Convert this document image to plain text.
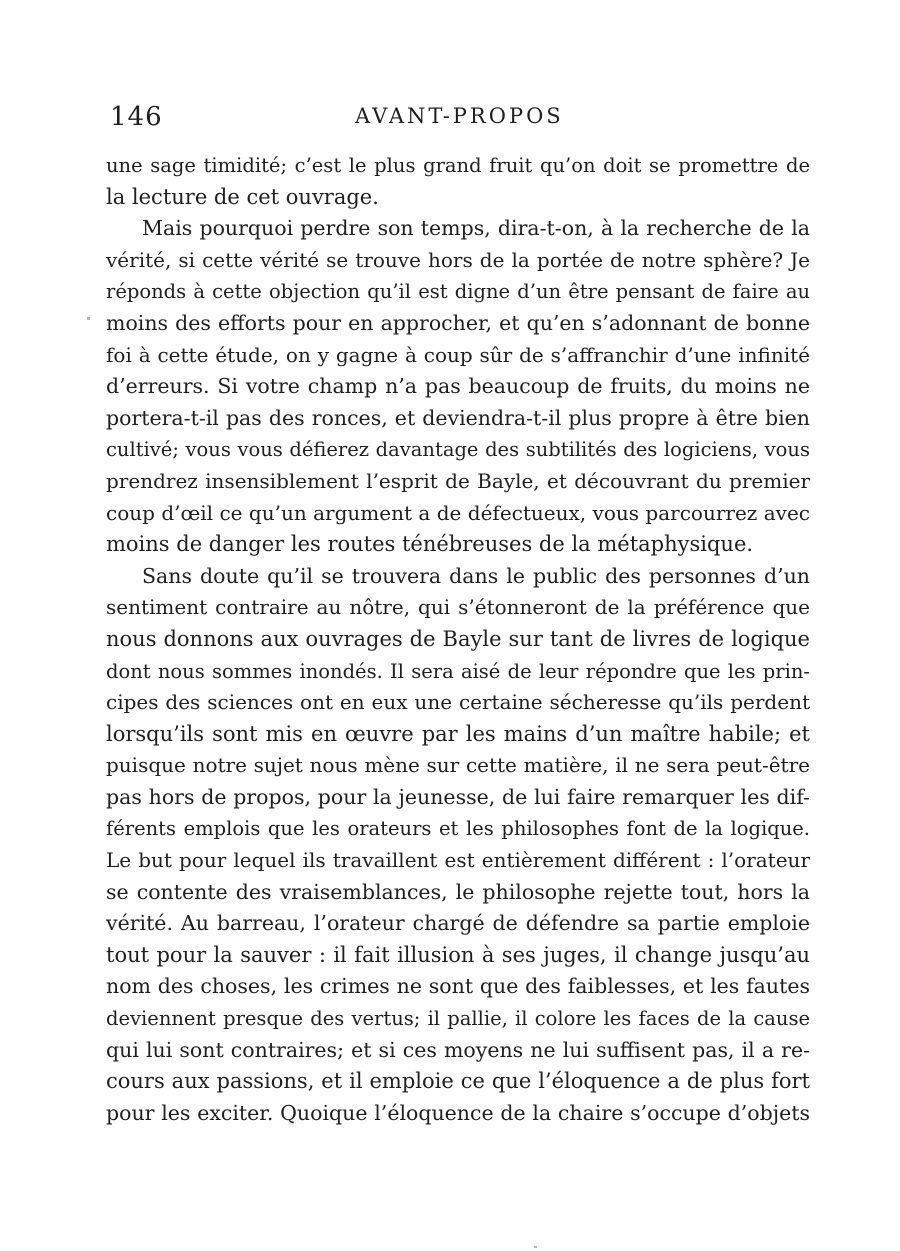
146	AVANT-PROPOS
une sage timidité; c’est le plus grand fruit qu’on doit se promettre de
la lecture de cet ouvrage.
Mais pourquoi perdre son temps, dira-t-on, à la recherche de la
vérité, si cette vérité se trouve hors de la portée de notre sphère? Je
réponds à cette objection qu’il est digne d’un être pensant de faire au
moins des efforts pour en approcher, et qu’en s’adonnant de bonne
foi à cette étude, on y gagne à coup sûr de s’affranchir d’une infinité
d’erreurs. Si votre champ n’a pas beaucoup de fruits, du moins ne
portera-t-il pas des ronces, et deviendra-t-il plus propre à être bien
cultivé; vous vous défierez davantage des subtilités des logiciens, vous
prendrez insensiblement l’esprit de Bayle, et découvrant du premier
coup d’œil ce qu’un argument a de défectueux, vous parcourrez avec
moins de danger les routes ténébreuses de la métaphysique.
Sans doute qu’il se trouvera dans le public des personnes d’un
sentiment contraire au nôtre, qui s’étonneront de la préférence que
nous donnons aux ouvrages de Bayle sur tant de livres de logique
dont nous sommes inondés. Il sera aisé de leur répondre que les prin-
cipes des sciences ont en eux une certaine sécheresse qu’ils perdent
lorsqu’ils sont mis en œuvre par les mains d’un maître habile; et
puisque notre sujet nous mène sur cette matière, il ne sera peut-être
pas hors de propos, pour la jeunesse, de lui faire remarquer les dif-
férents emplois que les orateurs et les philosophes font de la logique.
Le but pour lequel ils travaillent est entièrement différent : l’orateur
se contente des vraisemblances, le philosophe rejette tout, hors la
vérité. Au barreau, l’orateur chargé de défendre sa partie emploie
tout pour la sauver : il fait illusion à ses juges, il change jusqu’au
nom des choses, les crimes ne sont que des faiblesses, et les fautes
deviennent presque des vertus; il pallie, il colore les faces de la cause
qui lui sont contraires; et si ces moyens ne lui suffisent pas, il a re-
cours aux passions, et il emploie ce que l’éloquence a de plus fort
pour les exciter. Quoique l’éloquence de la chaire s’occupe d’objets
